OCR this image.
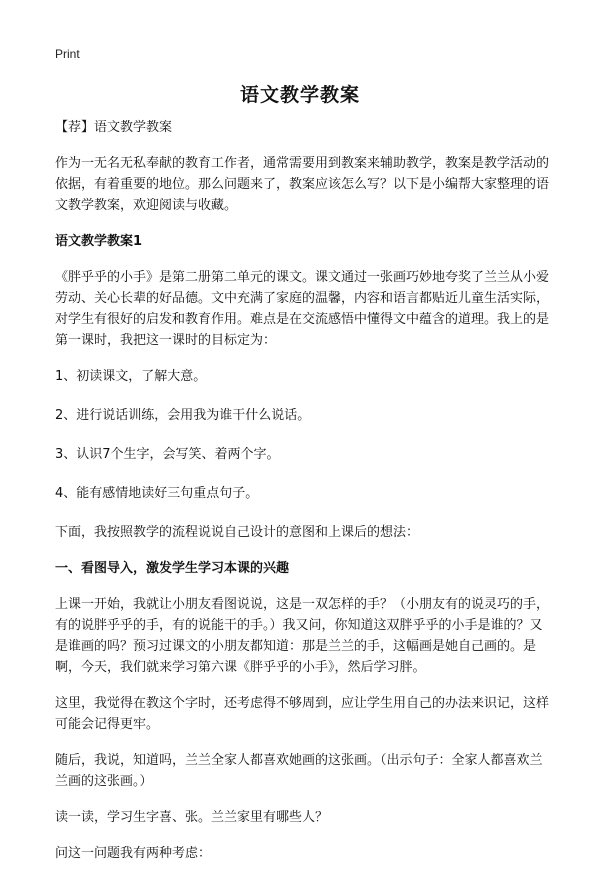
Print
语文教学教案

【荐】语文教学教案

作为一无名无私奉献的教育工作者，通常需要用到教案来辅助教学，教案是教学活动的依据，有着重要的地位。那么问题来了，教案应该怎么写？以下是小编帮大家整理的语文教学教案，欢迎阅读与收藏。

语文教学教案1

《胖乎乎的小手》是第二册第二单元的课文。课文通过一张画巧妙地夸奖了兰兰从小爱劳动、关心长辈的好品德。文中充满了家庭的温馨，内容和语言都贴近儿童生活实际，对学生有很好的启发和教育作用。难点是在交流感悟中懂得文中蕴含的道理。我上的是第一课时，我把这一课时的目标定为：

1、初读课文，了解大意。

2、进行说话训练，会用我为谁干什么说话。

3、认识7个生字，会写笑、着两个字。

4、能有感情地读好三句重点句子。

下面，我按照教学的流程说说自己设计的意图和上课后的想法：

一、看图导入，激发学生学习本课的兴趣

上课一开始，我就让小朋友看图说说，这是一双怎样的手？（小朋友有的说灵巧的手，有的说胖乎乎的手，有的说能干的手。）我又问，你知道这双胖乎乎的小手是谁的？又是谁画的吗？预习过课文的小朋友都知道：那是兰兰的手，这幅画是她自己画的。是啊，今天，我们就来学习第六课《胖乎乎的小手》，然后学习胖。

这里，我觉得在教这个字时，还考虑得不够周到，应让学生用自己的办法来识记，这样可能会记得更牢。

随后，我说，知道吗，兰兰全家人都喜欢她画的这张画。（出示句子：全家人都喜欢兰兰画的这张画。）

读一读，学习生字喜、张。兰兰家里有哪些人？

问这一问题我有两种考虑：
